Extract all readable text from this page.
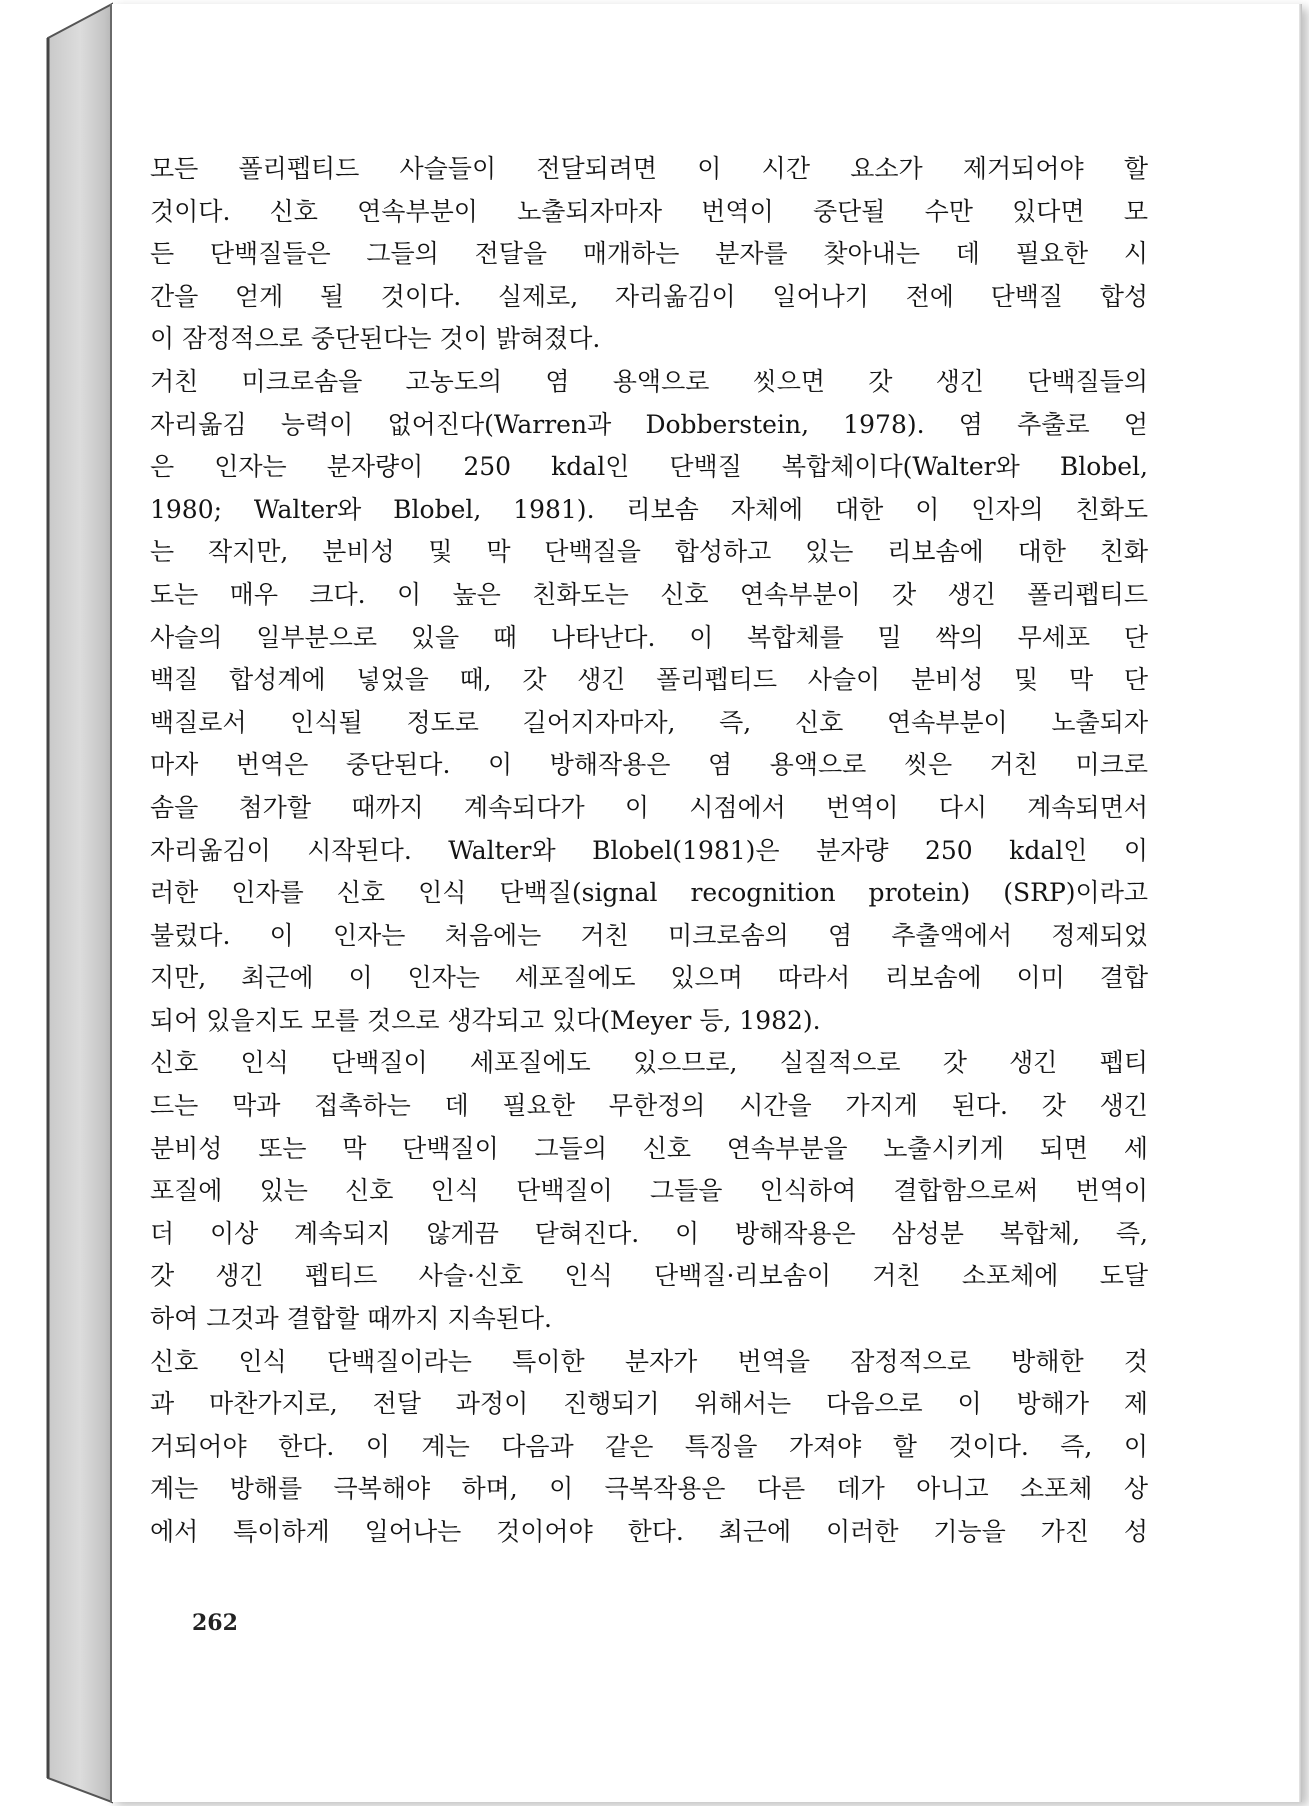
모든 폴리펩티드 사슬들이 전달되려면 이 시간 요소가 제거되어야 할
것이다. 신호 연속부분이 노출되자마자 번역이 중단될 수만 있다면 모
든 단백질들은 그들의 전달을 매개하는 분자를 찾아내는 데 필요한 시
간을 얻게 될 것이다. 실제로, 자리옮김이 일어나기 전에 단백질 합성
이 잠정적으로 중단된다는 것이 밝혀졌다.
거친 미크로솜을 고농도의 염 용액으로 씻으면 갓 생긴 단백질들의
자리옮김 능력이 없어진다(Warren과 Dobberstein, 1978). 염 추출로 얻
은 인자는 분자량이 250 kdal인 단백질 복합체이다(Walter와 Blobel,
1980; Walter와 Blobel, 1981). 리보솜 자체에 대한 이 인자의 친화도
는 작지만, 분비성 및 막 단백질을 합성하고 있는 리보솜에 대한 친화
도는 매우 크다. 이 높은 친화도는 신호 연속부분이 갓 생긴 폴리펩티드
사슬의 일부분으로 있을 때 나타난다. 이 복합체를 밀 싹의 무세포 단
백질 합성계에 넣었을 때, 갓 생긴 폴리펩티드 사슬이 분비성 및 막 단
백질로서 인식될 정도로 길어지자마자, 즉, 신호 연속부분이 노출되자
마자 번역은 중단된다. 이 방해작용은 염 용액으로 씻은 거친 미크로
솜을 첨가할 때까지 계속되다가 이 시점에서 번역이 다시 계속되면서
자리옮김이 시작된다. Walter와 Blobel(1981)은 분자량 250 kdal인 이
러한 인자를 신호 인식 단백질(signal recognition protein) (SRP)이라고
불렀다. 이 인자는 처음에는 거친 미크로솜의 염 추출액에서 정제되었
지만, 최근에 이 인자는 세포질에도 있으며 따라서 리보솜에 이미 결합
되어 있을지도 모를 것으로 생각되고 있다(Meyer 등, 1982).
신호 인식 단백질이 세포질에도 있으므로, 실질적으로 갓 생긴 펩티
드는 막과 접촉하는 데 필요한 무한정의 시간을 가지게 된다. 갓 생긴
분비성 또는 막 단백질이 그들의 신호 연속부분을 노출시키게 되면 세
포질에 있는 신호 인식 단백질이 그들을 인식하여 결합함으로써 번역이
더 이상 계속되지 않게끔 닫혀진다. 이 방해작용은 삼성분 복합체, 즉,
갓 생긴 펩티드 사슬·신호 인식 단백질·리보솜이 거친 소포체에 도달
하여 그것과 결합할 때까지 지속된다.
신호 인식 단백질이라는 특이한 분자가 번역을 잠정적으로 방해한 것
과 마찬가지로, 전달 과정이 진행되기 위해서는 다음으로 이 방해가 제
거되어야 한다. 이 계는 다음과 같은 특징을 가져야 할 것이다. 즉, 이
계는 방해를 극복해야 하며, 이 극복작용은 다른 데가 아니고 소포체 상
에서 특이하게 일어나는 것이어야 한다. 최근에 이러한 기능을 가진 성
262
